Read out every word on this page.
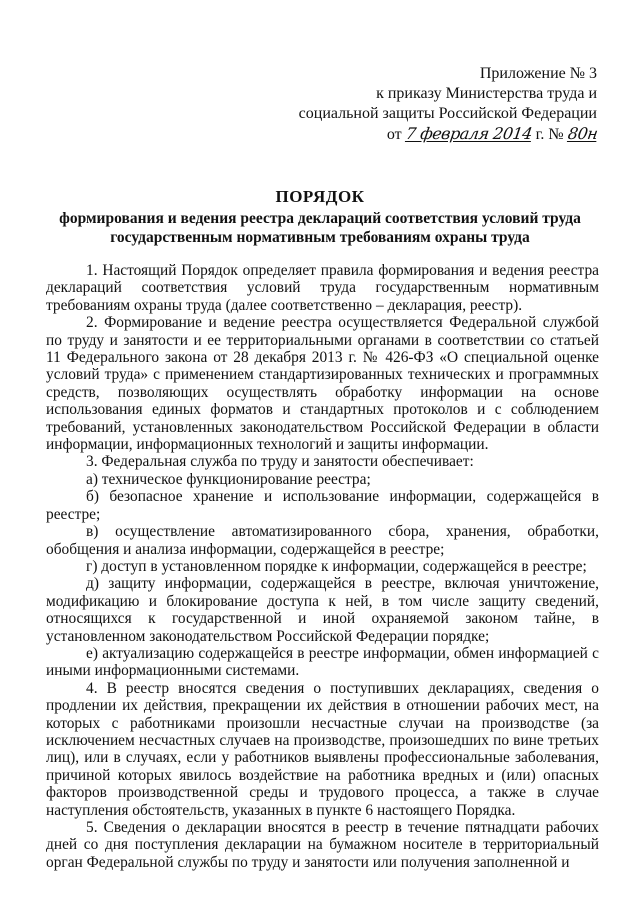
Приложение № 3
к приказу Министерства труда и
социальной защиты Российской Федерации
от 7 февраля 2014 г. № 80н
ПОРЯДОК
формирования и ведения реестра деклараций соответствия условий труда
государственным нормативным требованиям охраны труда

1. Настоящий Порядок определяет правила формирования и ведения реестра деклараций соответствия условий труда государственным нормативным требованиям охраны труда (далее соответственно – декларация, реестр).

2. Формирование и ведение реестра осуществляется Федеральной службой по труду и занятости и ее территориальными органами в соответствии со статьей 11 Федерального закона от 28 декабря 2013 г. № 426-ФЗ «О специальной оценке условий труда» с применением стандартизированных технических и программных средств, позволяющих осуществлять обработку информации на основе использования единых форматов и стандартных протоколов и с соблюдением требований, установленных законодательством Российской Федерации в области информации, информационных технологий и защиты информации.

3. Федеральная служба по труду и занятости обеспечивает:

а) техническое функционирование реестра;

б) безопасное хранение и использование информации, содержащейся в реестре;

в) осуществление автоматизированного сбора, хранения, обработки, обобщения и анализа информации, содержащейся в реестре;

г) доступ в установленном порядке к информации, содержащейся в реестре;

д) защиту информации, содержащейся в реестре, включая уничтожение, модификацию и блокирование доступа к ней, в том числе защиту сведений, относящихся к государственной и иной охраняемой законом тайне, в установленном законодательством Российской Федерации порядке;

е) актуализацию содержащейся в реестре информации, обмен информацией с иными информационными системами.

4. В реестр вносятся сведения о поступивших декларациях, сведения о продлении их действия, прекращении их действия в отношении рабочих мест, на которых с работниками произошли несчастные случаи на производстве (за исключением несчастных случаев на производстве, произошедших по вине третьих лиц), или в случаях, если у работников выявлены профессиональные заболевания, причиной которых явилось воздействие на работника вредных и (или) опасных факторов производственной среды и трудового процесса, а также в случае наступления обстоятельств, указанных в пункте 6 настоящего Порядка.

5. Сведения о декларации вносятся в реестр в течение пятнадцати рабочих дней со дня поступления декларации на бумажном носителе в территориальный орган Федеральной службы по труду и занятости или получения заполненной и
